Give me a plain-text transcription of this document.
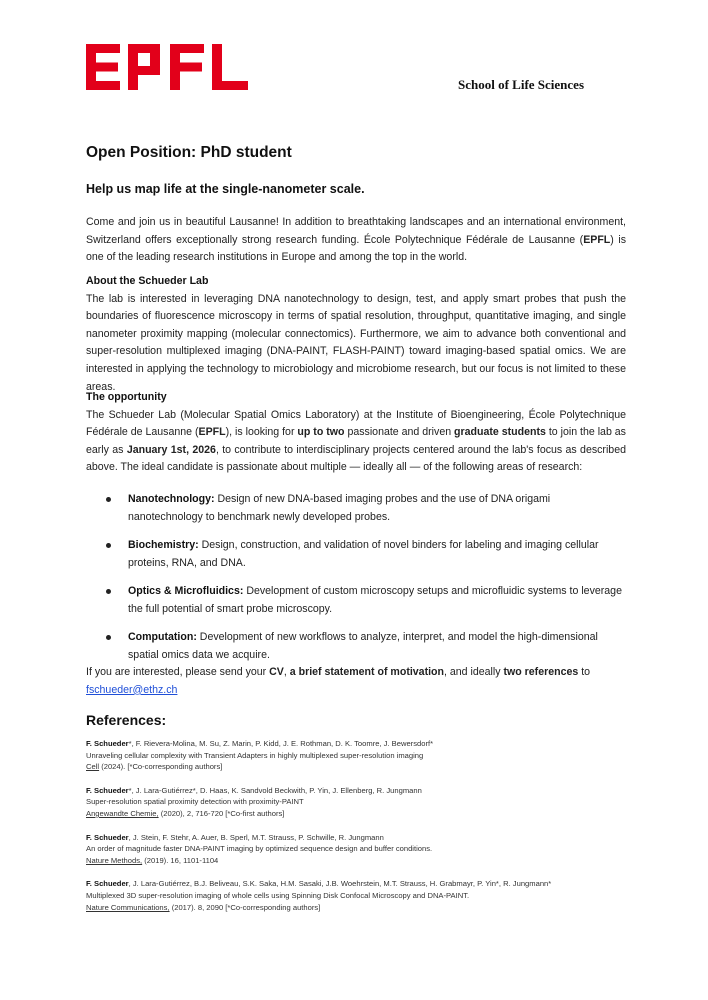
School of Life Sciences
Open Position: PhD student
Help us map life at the single-nanometer scale.

Come and join us in beautiful Lausanne! In addition to breathtaking landscapes and an international environment, Switzerland offers exceptionally strong research funding. École Polytechnique Fédérale de Lausanne (EPFL) is one of the leading research institutions in Europe and among the top in the world.

About the Schueder Lab

The lab is interested in leveraging DNA nanotechnology to design, test, and apply smart probes that push the boundaries of fluorescence microscopy in terms of spatial resolution, throughput, quantitative imaging, and single nanometer proximity mapping (molecular connectomics). Furthermore, we aim to advance both conventional and super-resolution multiplexed imaging (DNA-PAINT, FLASH-PAINT) toward imaging-based spatial omics. We are interested in applying the technology to microbiology and microbiome research, but our focus is not limited to these areas.

The opportunity

The Schueder Lab (Molecular Spatial Omics Laboratory) at the Institute of Bioengineering, École Polytechnique Fédérale de Lausanne (EPFL), is looking for up to two passionate and driven graduate students to join the lab as early as January 1st, 2026, to contribute to interdisciplinary projects centered around the lab's focus as described above. The ideal candidate is passionate about multiple — ideally all — of the following areas of research:

Nanotechnology: Design of new DNA-based imaging probes and the use of DNA origami nanotechnology to benchmark newly developed probes.
Biochemistry: Design, construction, and validation of novel binders for labeling and imaging cellular proteins, RNA, and DNA.
Optics & Microfluidics: Development of custom microscopy setups and microfluidic systems to leverage the full potential of smart probe microscopy.
Computation: Development of new workflows to analyze, interpret, and model the high-dimensional spatial omics data we acquire.

If you are interested, please send your CV, a brief statement of motivation, and ideally two references to
fschueder@ethz.ch

References:
F. Schueder*, F. Rievera-Molina, M. Su, Z. Marin, P. Kidd, J. E. Rothman, D. K. Toomre, J. Bewersdorf*
Unraveling cellular complexity with Transient Adapters in highly multiplexed super-resolution imaging
Cell (2024). [*Co-corresponding authors]
F. Schueder*, J. Lara-Gutiérrez*, D. Haas, K. Sandvold Beckwith, P. Yin, J. Ellenberg, R. Jungmann
Super-resolution spatial proximity detection with proximity-PAINT
Angewandte Chemie, (2020), 2, 716-720 [*Co-first authors]
F. Schueder, J. Stein, F. Stehr, A. Auer, B. Sperl, M.T. Strauss, P. Schwille, R. Jungmann
An order of magnitude faster DNA-PAINT imaging by optimized sequence design and buffer conditions.
Nature Methods, (2019). 16, 1101-1104
F. Schueder, J. Lara-Gutiérrez, B.J. Beliveau, S.K. Saka, H.M. Sasaki, J.B. Woehrstein, M.T. Strauss, H. Grabmayr, P. Yin*, R. Jungmann*
Multiplexed 3D super-resolution imaging of whole cells using Spinning Disk Confocal Microscopy and DNA-PAINT.
Nature Communications, (2017). 8, 2090 [*Co-corresponding authors]
